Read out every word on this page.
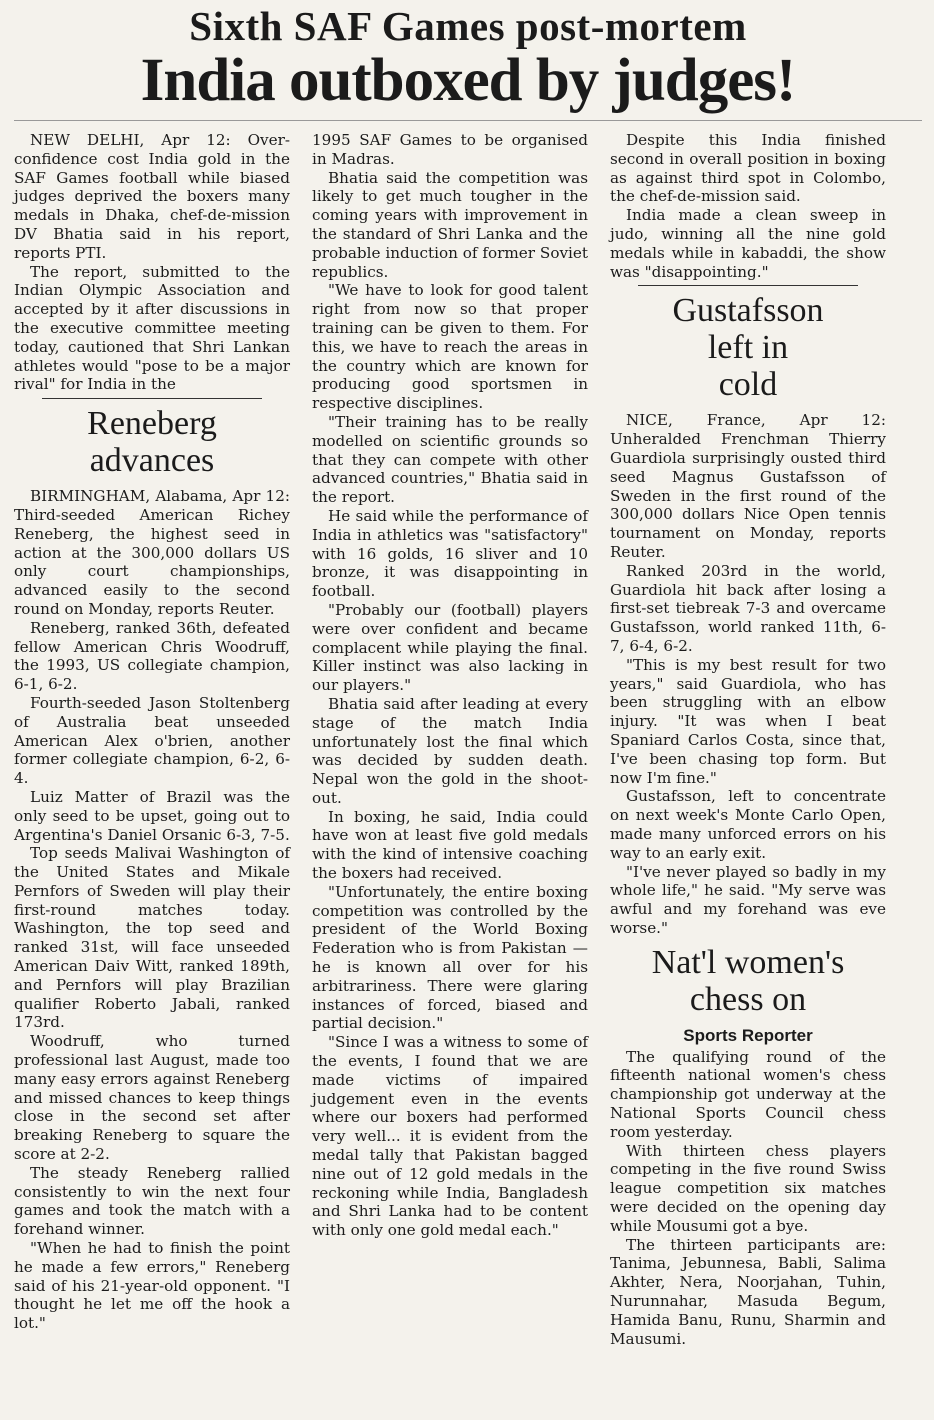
Sixth SAF Games post-mortem
India outboxed by judges!

NEW DELHI, Apr 12: Over-confidence cost India gold in the SAF Games football while biased judges deprived the boxers many medals in Dhaka, chef-de-mission DV Bhatia said in his report, reports PTI.

The report, submitted to the Indian Olympic Association and accepted by it after discussions in the executive committee meeting today, cautioned that Shri Lankan athletes would "pose to be a major rival" for India in the

Reneberg
advances

BIRMINGHAM, Alabama, Apr 12: Third-seeded American Richey Reneberg, the highest seed in action at the 300,000 dollars US only court championships, advanced easily to the second round on Monday, reports Reuter.

Reneberg, ranked 36th, defeated fellow American Chris Woodruff, the 1993, US collegiate champion, 6-1, 6-2.

Fourth-seeded Jason Stoltenberg of Australia beat unseeded American Alex o'brien, another former collegiate champion, 6-2, 6-4.

Luiz Matter of Brazil was the only seed to be upset, going out to Argentina's Daniel Orsanic 6-3, 7-5.

Top seeds Malivai Washington of the United States and Mikale Pernfors of Sweden will play their first-round matches today. Washington, the top seed and ranked 31st, will face unseeded American Daiv Witt, ranked 189th, and Pernfors will play Brazilian qualifier Roberto Jabali, ranked 173rd.

Woodruff, who turned professional last August, made too many easy errors against Reneberg and missed chances to keep things close in the second set after breaking Reneberg to square the score at 2-2.

The steady Reneberg rallied consistently to win the next four games and took the match with a forehand winner.

"When he had to finish the point he made a few errors," Reneberg said of his 21-year-old opponent. "I thought he let me off the hook a lot."

1995 SAF Games to be organised in Madras.

Bhatia said the competition was likely to get much tougher in the coming years with improvement in the standard of Shri Lanka and the probable induction of former Soviet republics.

"We have to look for good talent right from now so that proper training can be given to them. For this, we have to reach the areas in the country which are known for producing good sportsmen in respective disciplines.

"Their training has to be really modelled on scientific grounds so that they can compete with other advanced countries," Bhatia said in the report.

He said while the performance of India in athletics was "satisfactory" with 16 golds, 16 sliver and 10 bronze, it was disappointing in football.

"Probably our (football) players were over confident and became complacent while playing the final. Killer instinct was also lacking in our players."

Bhatia said after leading at every stage of the match India unfortunately lost the final which was decided by sudden death. Nepal won the gold in the shoot-out.

In boxing, he said, India could have won at least five gold medals with the kind of intensive coaching the boxers had received.

"Unfortunately, the entire boxing competition was controlled by the president of the World Boxing Federation who is from Pakistan — he is known all over for his arbitrariness. There were glaring instances of forced, biased and partial decision."

"Since I was a witness to some of the events, I found that we are made victims of impaired judgement even in the events where our boxers had performed very well... it is evident from the medal tally that Pakistan bagged nine out of 12 gold medals in the reckoning while India, Bangladesh and Shri Lanka had to be content with only one gold medal each."

Despite this India finished second in overall position in boxing as against third spot in Colombo, the chef-de-mission said.

India made a clean sweep in judo, winning all the nine gold medals while in kabaddi, the show was "disappointing."

Gustafsson
left in
cold

NICE, France, Apr 12: Unheralded Frenchman Thierry Guardiola surprisingly ousted third seed Magnus Gustafsson of Sweden in the first round of the 300,000 dollars Nice Open tennis tournament on Monday, reports Reuter.

Ranked 203rd in the world, Guardiola hit back after losing a first-set tiebreak 7-3 and overcame Gustafsson, world ranked 11th, 6-7, 6-4, 6-2.

"This is my best result for two years," said Guardiola, who has been struggling with an elbow injury. "It was when I beat Spaniard Carlos Costa, since that, I've been chasing top form. But now I'm fine."

Gustafsson, left to concentrate on next week's Monte Carlo Open, made many unforced errors on his way to an early exit.

"I've never played so badly in my whole life," he said. "My serve was awful and my forehand was eve worse."

Nat'l women's
chess on
Sports Reporter

The qualifying round of the fifteenth national women's chess championship got underway at the National Sports Council chess room yesterday.

With thirteen chess players competing in the five round Swiss league competition six matches were decided on the opening day while Mousumi got a bye.

The thirteen participants are: Tanima, Jebunnesa, Babli, Salima Akhter, Nera, Noorjahan, Tuhin, Nurunnahar, Masuda Begum, Hamida Banu, Runu, Sharmin and Mausumi.
